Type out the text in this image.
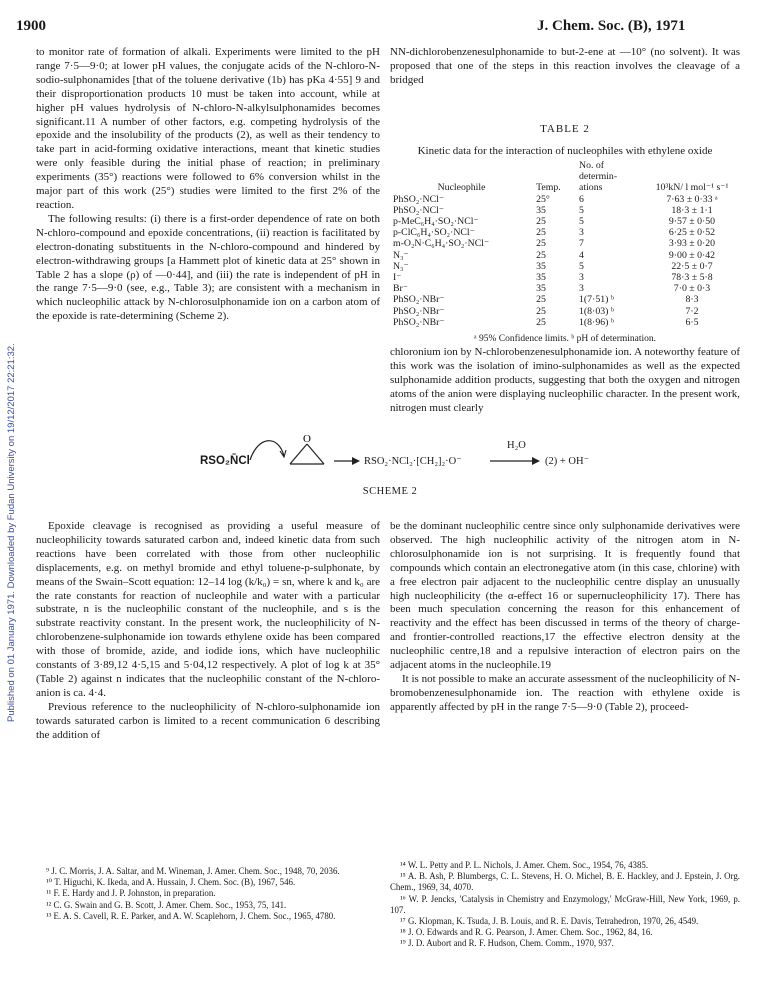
1900	J. Chem. Soc. (B), 1971
Published on 01 January 1971. Downloaded by Fudan University on 19/12/2017 22:21:32.

to monitor rate of formation of alkali. Experiments were limited to the pH range 7·5—9·0; at lower pH values, the conjugate acids of the N-chloro-N-sodio-sulphonamides [that of the toluene derivative (1b) has pKa 4·55] 9 and their disproportionation products 10 must be taken into account, while at higher pH values hydrolysis of N-chloro-N-alkylsulphonamides becomes significant.11 A number of other factors, e.g. competing hydrolysis of the epoxide and the insolubility of the products (2), as well as their tendency to take part in acid-forming oxidative interactions, meant that kinetic studies were only feasible during the initial phase of reaction; in preliminary experiments (35°) reactions were followed to 6% conversion whilst in the major part of this work (25°) studies were limited to the first 2% of the reaction.

The following results: (i) there is a first-order dependence of rate on both N-chloro-compound and epoxide concentrations, (ii) reaction is facilitated by electron-donating substituents in the N-chloro-compound and hindered by electron-withdrawing groups [a Hammett plot of kinetic data at 25° shown in Table 2 has a slope (ρ) of —0·44], and (iii) the rate is independent of pH in the range 7·5—9·0 (see, e.g., Table 3); are consistent with a mechanism in which nucleophilic attack by N-chlorosulphonamide ion on a carbon atom of the epoxide is rate-determining (Scheme 2).

NN-dichlorobenzenesulphonamide to but-2-ene at —10° (no solvent). It was proposed that one of the steps in this reaction involves the cleavage of a bridged

TABLE 2
Kinetic data for the interaction of nucleophiles with ethylene oxide
Nucleophile	Temp.	No. of determin- ations	10³kN/ l mol⁻¹ s⁻¹
PhSO₂·NCl⁻	25°	6	7·63 ± 0·33 ᵃ
PhSO₂·NCl⁻	35	5	18·3 ± 1·1
p-MeC₆H₄·SO₂·NCl⁻	25	5	9·57 ± 0·50
p-ClC₆H₄·SO₂·NCl⁻	25	3	6·25 ± 0·52
m-O₂N·C₆H₄·SO₂·NCl⁻	25	7	3·93 ± 0·20
N₃⁻	25	4	9·00 ± 0·42
N₃⁻	35	5	22·5 ± 0·7
I⁻	35	3	78·3 ± 5·8
Br⁻	35	3	7·0 ± 0·3
PhSO₂·NBr⁻	25	1(7·51) ᵇ	8·3
PhSO₂·NBr⁻	25	1(8·03) ᵇ	7·2
PhSO₂·NBr⁻	25	1(8·96) ᵇ	6·5
ᵃ 95% Confidence limits. ᵇ pH of determination.

chloronium ion by N-chlorobenzenesulphonamide ion. A noteworthy feature of this work was the isolation of imino-sulphonamides as well as the expected sulphonamide addition products, suggesting that both the oxygen and nitrogen atoms of the anion were displaying nucleophilic character. In the present work, nitrogen must clearly

RSO₂N̄Cl
O
→ RSO₂·NCl₂·[CH₂]₂·O⁻
H₂O
(2) + OH⁻
SCHEME 2

Epoxide cleavage is recognised as providing a useful measure of nucleophilicity towards saturated carbon and, indeed kinetic data from such reactions have been correlated with those from other nucleophilic displacements, e.g. on methyl bromide and ethyl toluene-p-sulphonate, by means of the Swain–Scott equation: 12–14 log (k/k₀) = sn, where k and k₀ are the rate constants for reaction of nucleophile and water with a particular substrate, n is the nucleophilic constant of the nucleophile, and s is the substrate reactivity constant. In the present work, the nucleophilicity of N-chlorobenzene-sulphonamide ion towards ethylene oxide has been compared with those of bromide, azide, and iodide ions, which have nucleophilic constants of 3·89,12 4·5,15 and 5·04,12 respectively. A plot of log k at 35° (Table 2) against n indicates that the nucleophilic constant of the N-chloro-anion is ca. 4·4.

Previous reference to the nucleophilicity of N-chloro-sulphonamide ion towards saturated carbon is limited to a recent communication 6 describing the addition of

⁹ J. C. Morris, J. A. Saltar, and M. Wineman, J. Amer. Chem. Soc., 1948, 70, 2036.

¹⁰ T. Higuchi, K. Ikeda, and A. Hussain, J. Chem. Soc. (B), 1967, 546.

¹¹ F. E. Hardy and J. P. Johnston, in preparation.

¹² C. G. Swain and G. B. Scott, J. Amer. Chem. Soc., 1953, 75, 141.

¹³ E. A. S. Cavell, R. E. Parker, and A. W. Scaplehorn, J. Chem. Soc., 1965, 4780.

be the dominant nucleophilic centre since only sulphonamide derivatives were observed. The high nucleophilic activity of the nitrogen atom in N-chlorosulphonamide ion is not surprising. It is frequently found that compounds which contain an electronegative atom (in this case, chlorine) with a free electron pair adjacent to the nucleophilic centre display an unusually high nucleophilicity (the α-effect 16 or supernucleophilicity 17). There has been much speculation concerning the reason for this enhancement of reactivity and the effect has been discussed in terms of the theory of charge- and frontier-controlled reactions,17 the effective electron density at the nucleophilic centre,18 and a repulsive interaction of electron pairs on the adjacent atoms in the nucleophile.19

It is not possible to make an accurate assessment of the nucleophilicity of N-bromobenzenesulphonamide ion. The reaction with ethylene oxide is apparently affected by pH in the range 7·5—9·0 (Table 2), proceed-

¹⁴ W. L. Petty and P. L. Nichols, J. Amer. Chem. Soc., 1954, 76, 4385.

¹⁵ A. B. Ash, P. Blumbergs, C. L. Stevens, H. O. Michel, B. E. Hackley, and J. Epstein, J. Org. Chem., 1969, 34, 4070.

¹⁶ W. P. Jencks, 'Catalysis in Chemistry and Enzymology,' McGraw-Hill, New York, 1969, p. 107.

¹⁷ G. Klopman, K. Tsuda, J. B. Louis, and R. E. Davis, Tetrahedron, 1970, 26, 4549.

¹⁸ J. O. Edwards and R. G. Pearson, J. Amer. Chem. Soc., 1962, 84, 16.

¹⁹ J. D. Aubort and R. F. Hudson, Chem. Comm., 1970, 937.
